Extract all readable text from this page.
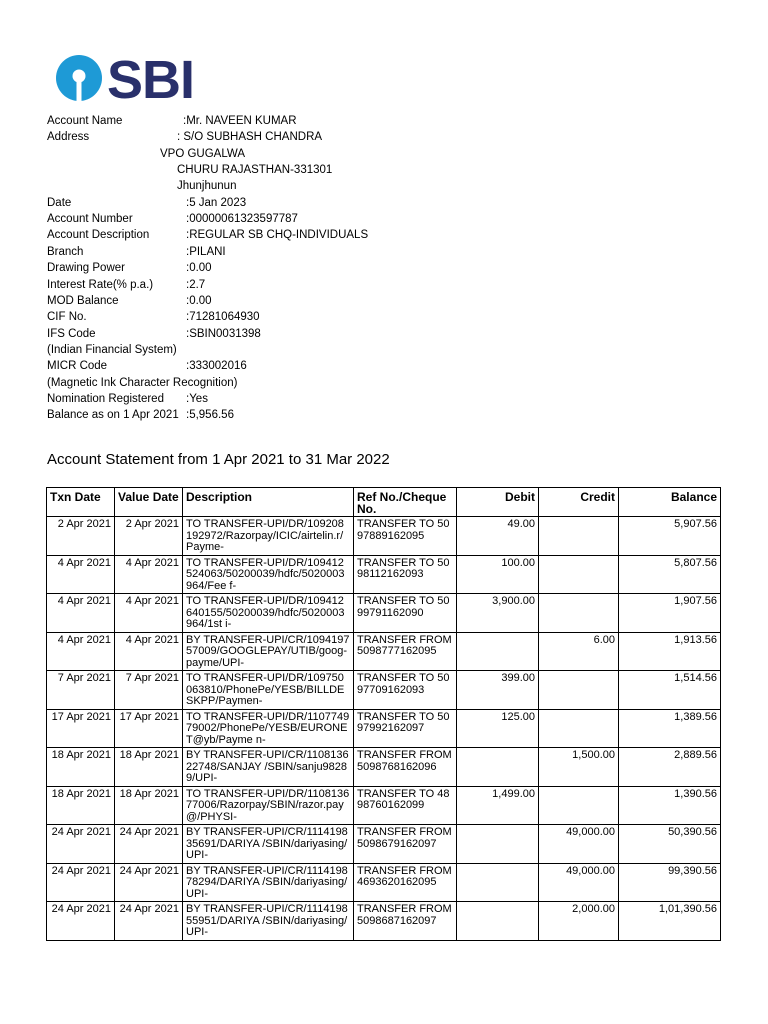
SBI
Account Name	:Mr. NAVEEN KUMAR
Address	: S/O SUBHASH CHANDRA
VPO GUGALWA
CHURU RAJASTHAN-331301
Jhunjhunun
Date	:5 Jan 2023
Account Number	:00000061323597787
Account Description	:REGULAR SB CHQ-INDIVIDUALS
Branch	:PILANI
Drawing Power	:0.00
Interest Rate(% p.a.)	:2.7
MOD Balance	:0.00
CIF No.	:71281064930
IFS Code	:SBIN0031398
(Indian Financial System)
MICR Code	:333002016
(Magnetic Ink Character Recognition)
Nomination Registered :Yes
Balance as on 1 Apr 2021 :5,956.56
Account Statement from 1 Apr 2021 to 31 Mar 2022
Txn Date	Value Date	Description	Ref No./Cheque No.	Debit	Credit	Balance

2 Apr 2021	2 Apr 2021	TO TRANSFER-UPI/DR/109208192972/Razorpay/ICIC/airtelin.r/Payme-	TRANSFER TO 5097889162095	49.00		5,907.56

4 Apr 2021	4 Apr 2021	TO TRANSFER-UPI/DR/109412524063/50200039/hdfc/5020003964/Fee f-	TRANSFER TO 5098112162093	100.00		5,807.56

4 Apr 2021	4 Apr 2021	TO TRANSFER-UPI/DR/109412640155/50200039/hdfc/5020003964/1st i-	TRANSFER TO 5099791162090	3,900.00		1,907.56

4 Apr 2021	4 Apr 2021	BY TRANSFER-UPI/CR/109419757009/GOOGLEPAY/UTIB/goog-payme/UPI-	TRANSFER FROM 5098777162095		6.00	1,913.56

7 Apr 2021	7 Apr 2021	TO TRANSFER-UPI/DR/109750063810/PhonePe/YESB/BILLDESKPP/Paymen-	TRANSFER TO 5097709162093	399.00		1,514.56

17 Apr 2021	17 Apr 2021	TO TRANSFER-UPI/DR/110774979002/PhonePe/YESB/EURONET@yb/Payme n-	TRANSFER TO 5097992162097	125.00		1,389.56

18 Apr 2021	18 Apr 2021	BY TRANSFER-UPI/CR/110813622748/SANJAY /SBIN/sanju98289/UPI-	TRANSFER FROM 5098768162096		1,500.00	2,889.56

18 Apr 2021	18 Apr 2021	TO TRANSFER-UPI/DR/110813677006/Razorpay/SBIN/razor.pay@/PHYSI-	TRANSFER TO 4898760162099	1,499.00		1,390.56

24 Apr 2021	24 Apr 2021	BY TRANSFER-UPI/CR/111419835691/DARIYA /SBIN/dariyasing/UPI-	TRANSFER FROM 5098679162097		49,000.00	50,390.56

24 Apr 2021	24 Apr 2021	BY TRANSFER-UPI/CR/111419878294/DARIYA /SBIN/dariyasing/UPI-	TRANSFER FROM 4693620162095		49,000.00	99,390.56

24 Apr 2021	24 Apr 2021	BY TRANSFER-UPI/CR/111419855951/DARIYA /SBIN/dariyasing/UPI-	TRANSFER FROM 5098687162097		2,000.00	1,01,390.56
